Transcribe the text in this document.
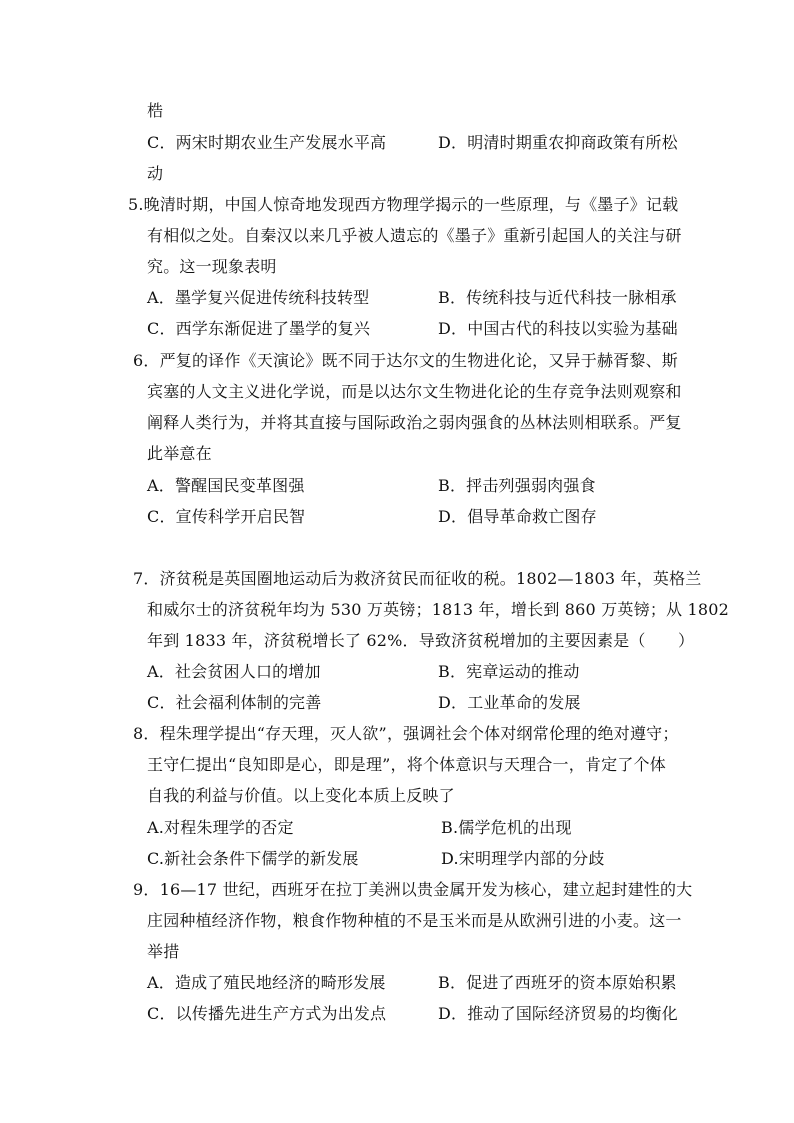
梏
C．两宋时期农业生产发展水平高	D．明清时期重农抑商政策有所松
动
5.晚清时期，中国人惊奇地发现西方物理学揭示的一些原理，与《墨子》记载
有相似之处。自秦汉以来几乎被人遗忘的《墨子》重新引起国人的关注与研
究。这一现象表明
A．墨学复兴促进传统科技转型	B．传统科技与近代科技一脉相承
C．西学东渐促进了墨学的复兴	D．中国古代的科技以实验为基础
6．严复的译作《天演论》既不同于达尔文的生物进化论，又异于赫胥黎、斯
宾塞的人文主义进化学说，而是以达尔文生物进化论的生存竞争法则观察和
阐释人类行为，并将其直接与国际政治之弱肉强食的丛林法则相联系。严复
此举意在
A．警醒国民变革图强	B．抨击列强弱肉强食
C．宣传科学开启民智	D．倡导革命救亡图存
7．济贫税是英国圈地运动后为救济贫民而征收的税。1802—1803 年，英格兰
和威尔士的济贫税年均为 530 万英镑；1813 年，增长到 860 万英镑；从 1802
年到 1833 年，济贫税增长了 62%．导致济贫税增加的主要因素是（　　）
A．社会贫困人口的增加	B．宪章运动的推动
C．社会福利体制的完善	D．工业革命的发展
8．程朱理学提出“存天理，灭人欲”，强调社会个体对纲常伦理的绝对遵守；
王守仁提出“良知即是心，即是理”，将个体意识与天理合一，肯定了个体
自我的利益与价值。以上变化本质上反映了
A.对程朱理学的否定	B.儒学危机的出现
C.新社会条件下儒学的新发展	D.宋明理学内部的分歧
9．16—17 世纪，西班牙在拉丁美洲以贵金属开发为核心，建立起封建性的大
庄园种植经济作物，粮食作物种植的不是玉米而是从欧洲引进的小麦。这一
举措
A．造成了殖民地经济的畸形发展	B．促进了西班牙的资本原始积累
C．以传播先进生产方式为出发点	D．推动了国际经济贸易的均衡化
